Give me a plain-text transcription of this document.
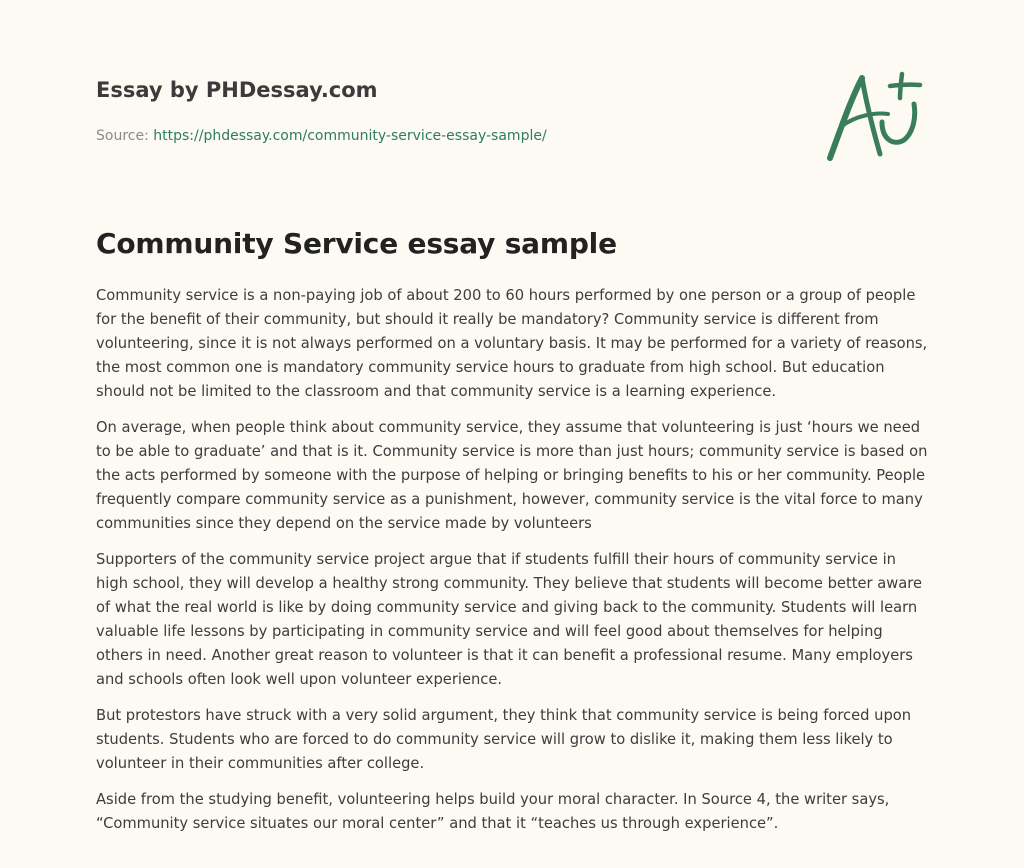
Essay by PHDessay.com
Source: https://phdessay.com/community-service-essay-sample/
Community Service essay sample

Community service is a non-paying job of about 200 to 60 hours performed by one person or a group of people for the benefit of their community, but should it really be mandatory? Community service is different from volunteering, since it is not always performed on a voluntary basis. It may be performed for a variety of reasons, the most common one is mandatory community service hours to graduate from high school. But education should not be limited to the classroom and that community service is a learning experience.

On average, when people think about community service, they assume that volunteering is just ‘hours we need to be able to graduate’ and that is it. Community service is more than just hours; community service is based on the acts performed by someone with the purpose of helping or bringing benefits to his or her community. People frequently compare community service as a punishment, however, community service is the vital force to many communities since they depend on the service made by volunteers

Supporters of the community service project argue that if students fulfill their hours of community service in high school, they will develop a healthy strong community. They believe that students will become better aware of what the real world is like by doing community service and giving back to the community. Students will learn valuable life lessons by participating in community service and will feel good about themselves for helping others in need. Another great reason to volunteer is that it can benefit a professional resume. Many employers and schools often look well upon volunteer experience.

But protestors have struck with a very solid argument, they think that community service is being forced upon students. Students who are forced to do community service will grow to dislike it, making them less likely to volunteer in their communities after college.

Aside from the studying benefit, volunteering helps build your moral character. In Source 4, the writer says, “Community service situates our moral center” and that it “teaches us through experience”.
